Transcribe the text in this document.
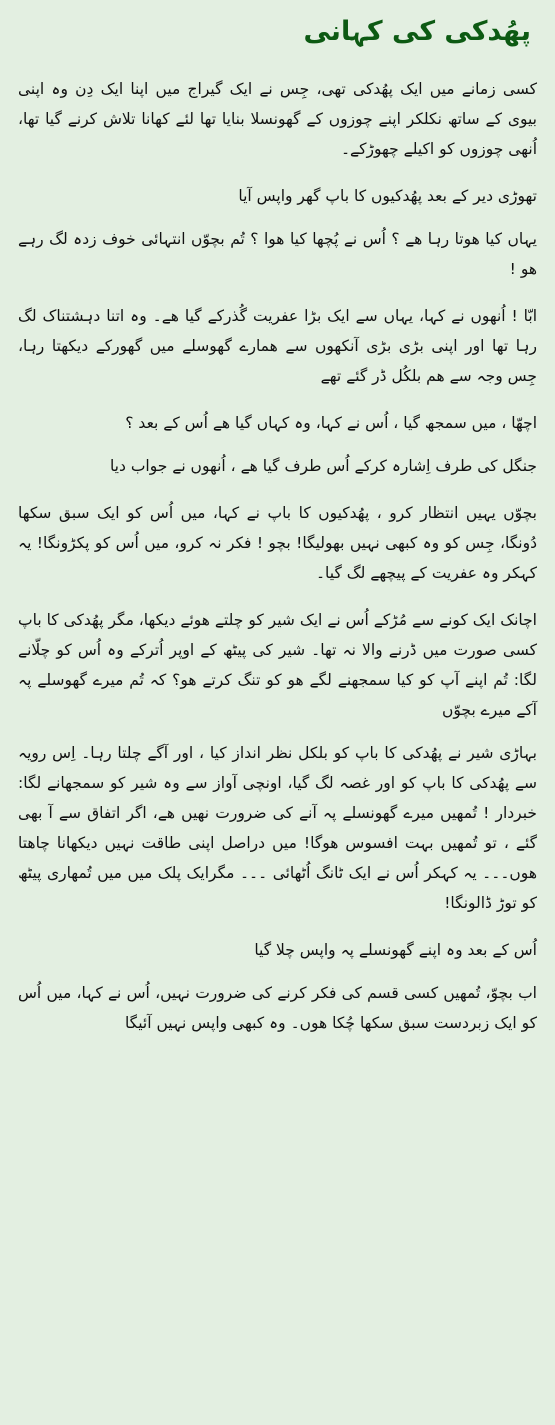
پھُدکی کی کہانی

کسی زمانے میں ایک پھُدکی تھی، جِس نے ایک گیراج میں اپنا ایک دِن وہ اپنی بیوی کے ساتھ نکلکر اپنے چوزوں کے گھونسلا بنایا تھا لئے کھانا تلاش کرنے گیا تھا، اُنھی چوزوں کو اکیلے چھوڑکے۔

تھوڑی دیر کے بعد پھُدکیوں کا باپ گھر واپس آیا

یہاں کیا ھوتا رہا ھے ؟ اُس نے پُچھا کیا ھوا ؟ تُم بچوّں انتہائی خوف زدہ لگ رہے ھو !

ابّا ! اُنھوں نے کہا، یہاں سے ایک بڑا عفریت گُذرکے گیا ھے۔ وہ اتنا دہشتناک لگ رہا تھا اور اپنی بڑی بڑی آنکھوں سے ھمارے گھوسلے میں گھورکے دیکھتا رہا، جِس وجہ سے ھم بلکُل ڈر گئے تھے

اچھّا ، میں سمجھ گیا ، اُس نے کہا، وہ کہاں گیا ھے اُس کے بعد ؟

جنگل کی طرف اِشارہ کرکے اُس طرف گیا ھے ، اُنھوں نے جواب دیا

بچوّں یہیں انتظار کرو ، پھُدکیوں کا باپ نے کہا، میں اُس کو ایک سبق سکھا دُونگا، جِس کو وہ کبھی نہیں بھولیگا! بچو ! فکر نہ کرو، میں اُس کو پکڑونگا! یہ کہکر وہ عفریت کے پیچھے لگ گیا۔

اچانک ایک کونے سے مُڑکے اُس نے ایک شیر کو چلتے ھوئے دیکھا، مگر پھُدکی کا باپ کسی صورت میں ڈرنے والا نہ تھا۔ شیر کی پیٹھ کے اوپر اُترکے وہ اُس کو چلّانے لگا: تُم اپنے آپ کو کیا سمجھنے لگے ھو کو تنگ کرتے ھو؟ کہ تُم میرے گھوسلے پہ آکے میرے بچوّں

بہاڑی شیر نے پھُدکی کا باپ کو بلکل نظر انداز کیا ، اور آگے چلتا رہا۔ اِس رویہ سے پھُدکی کا باپ کو اور غصہ لگ گیا، اونچی آواز سے وہ شیر کو سمجھانے لگا: خبردار ! تُمھیں میرے گھونسلے پہ آنے کی ضرورت نھیں ھے، اگر اتفاق سے آ بھی گئے ، تو تُمھیں بہت افسوس ھوگا! میں دراصل اپنی طاقت نہیں دیکھانا چاھتا ھوں۔۔۔ یہ کہکر اُس نے ایک ٹانگ اُٹھائی ۔۔۔ مگرایک پلک میں میں تُمھاری پیٹھ کو توڑ ڈالونگا!

اُس کے بعد وہ اپنے گھونسلے پہ واپس چلا گیا

اب بچوّ، تُمھیں کسی قسم کی فکر کرنے کی ضرورت نہیں، اُس نے کہا، میں اُس کو ایک زبردست سبق سکھا چُکا ھوں۔ وہ کبھی واپس نہیں آئیگا
